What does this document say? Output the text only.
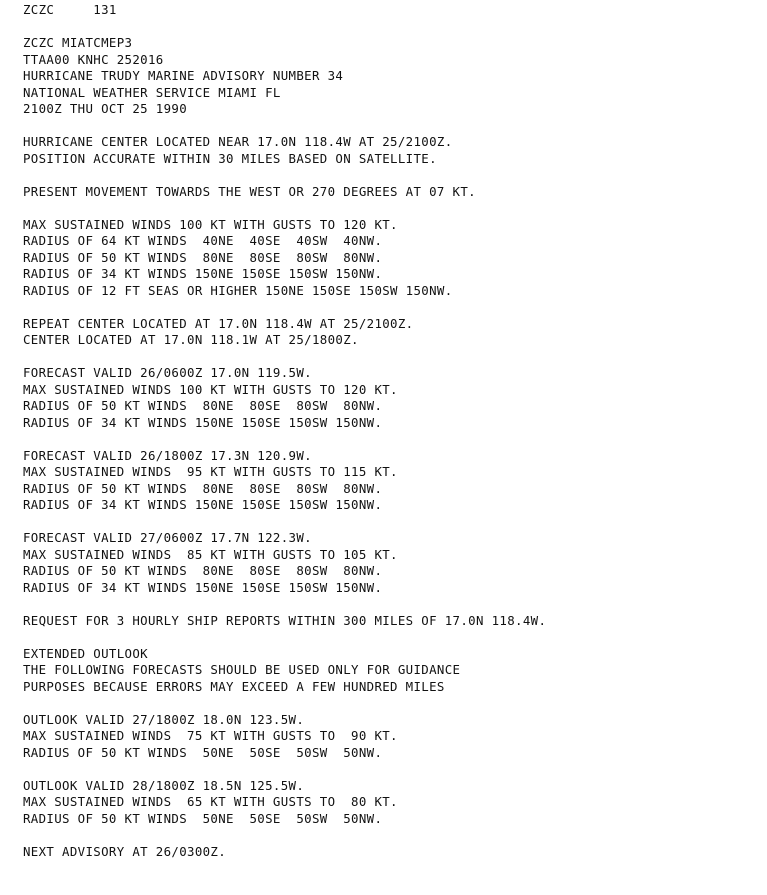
ZCZC     131
ZCZC MIATCMEP3
TTAA00 KNHC 252016
HURRICANE TRUDY MARINE ADVISORY NUMBER 34
NATIONAL WEATHER SERVICE MIAMI FL
2100Z THU OCT 25 1990
HURRICANE CENTER LOCATED NEAR 17.0N 118.4W AT 25/2100Z.
POSITION ACCURATE WITHIN 30 MILES BASED ON SATELLITE.
PRESENT MOVEMENT TOWARDS THE WEST OR 270 DEGREES AT 07 KT.
MAX SUSTAINED WINDS 100 KT WITH GUSTS TO 120 KT.
RADIUS OF 64 KT WINDS  40NE  40SE  40SW  40NW.
RADIUS OF 50 KT WINDS  80NE  80SE  80SW  80NW.
RADIUS OF 34 KT WINDS 150NE 150SE 150SW 150NW.
RADIUS OF 12 FT SEAS OR HIGHER 150NE 150SE 150SW 150NW.
REPEAT CENTER LOCATED AT 17.0N 118.4W AT 25/2100Z.
CENTER LOCATED AT 17.0N 118.1W AT 25/1800Z.
FORECAST VALID 26/0600Z 17.0N 119.5W.
MAX SUSTAINED WINDS 100 KT WITH GUSTS TO 120 KT.
RADIUS OF 50 KT WINDS  80NE  80SE  80SW  80NW.
RADIUS OF 34 KT WINDS 150NE 150SE 150SW 150NW.
FORECAST VALID 26/1800Z 17.3N 120.9W.
MAX SUSTAINED WINDS  95 KT WITH GUSTS TO 115 KT.
RADIUS OF 50 KT WINDS  80NE  80SE  80SW  80NW.
RADIUS OF 34 KT WINDS 150NE 150SE 150SW 150NW.
FORECAST VALID 27/0600Z 17.7N 122.3W.
MAX SUSTAINED WINDS  85 KT WITH GUSTS TO 105 KT.
RADIUS OF 50 KT WINDS  80NE  80SE  80SW  80NW.
RADIUS OF 34 KT WINDS 150NE 150SE 150SW 150NW.
REQUEST FOR 3 HOURLY SHIP REPORTS WITHIN 300 MILES OF 17.0N 118.4W.
EXTENDED OUTLOOK
THE FOLLOWING FORECASTS SHOULD BE USED ONLY FOR GUIDANCE
PURPOSES BECAUSE ERRORS MAY EXCEED A FEW HUNDRED MILES
OUTLOOK VALID 27/1800Z 18.0N 123.5W.
MAX SUSTAINED WINDS  75 KT WITH GUSTS TO  90 KT.
RADIUS OF 50 KT WINDS  50NE  50SE  50SW  50NW.
OUTLOOK VALID 28/1800Z 18.5N 125.5W.
MAX SUSTAINED WINDS  65 KT WITH GUSTS TO  80 KT.
RADIUS OF 50 KT WINDS  50NE  50SE  50SW  50NW.
NEXT ADVISORY AT 26/0300Z.
